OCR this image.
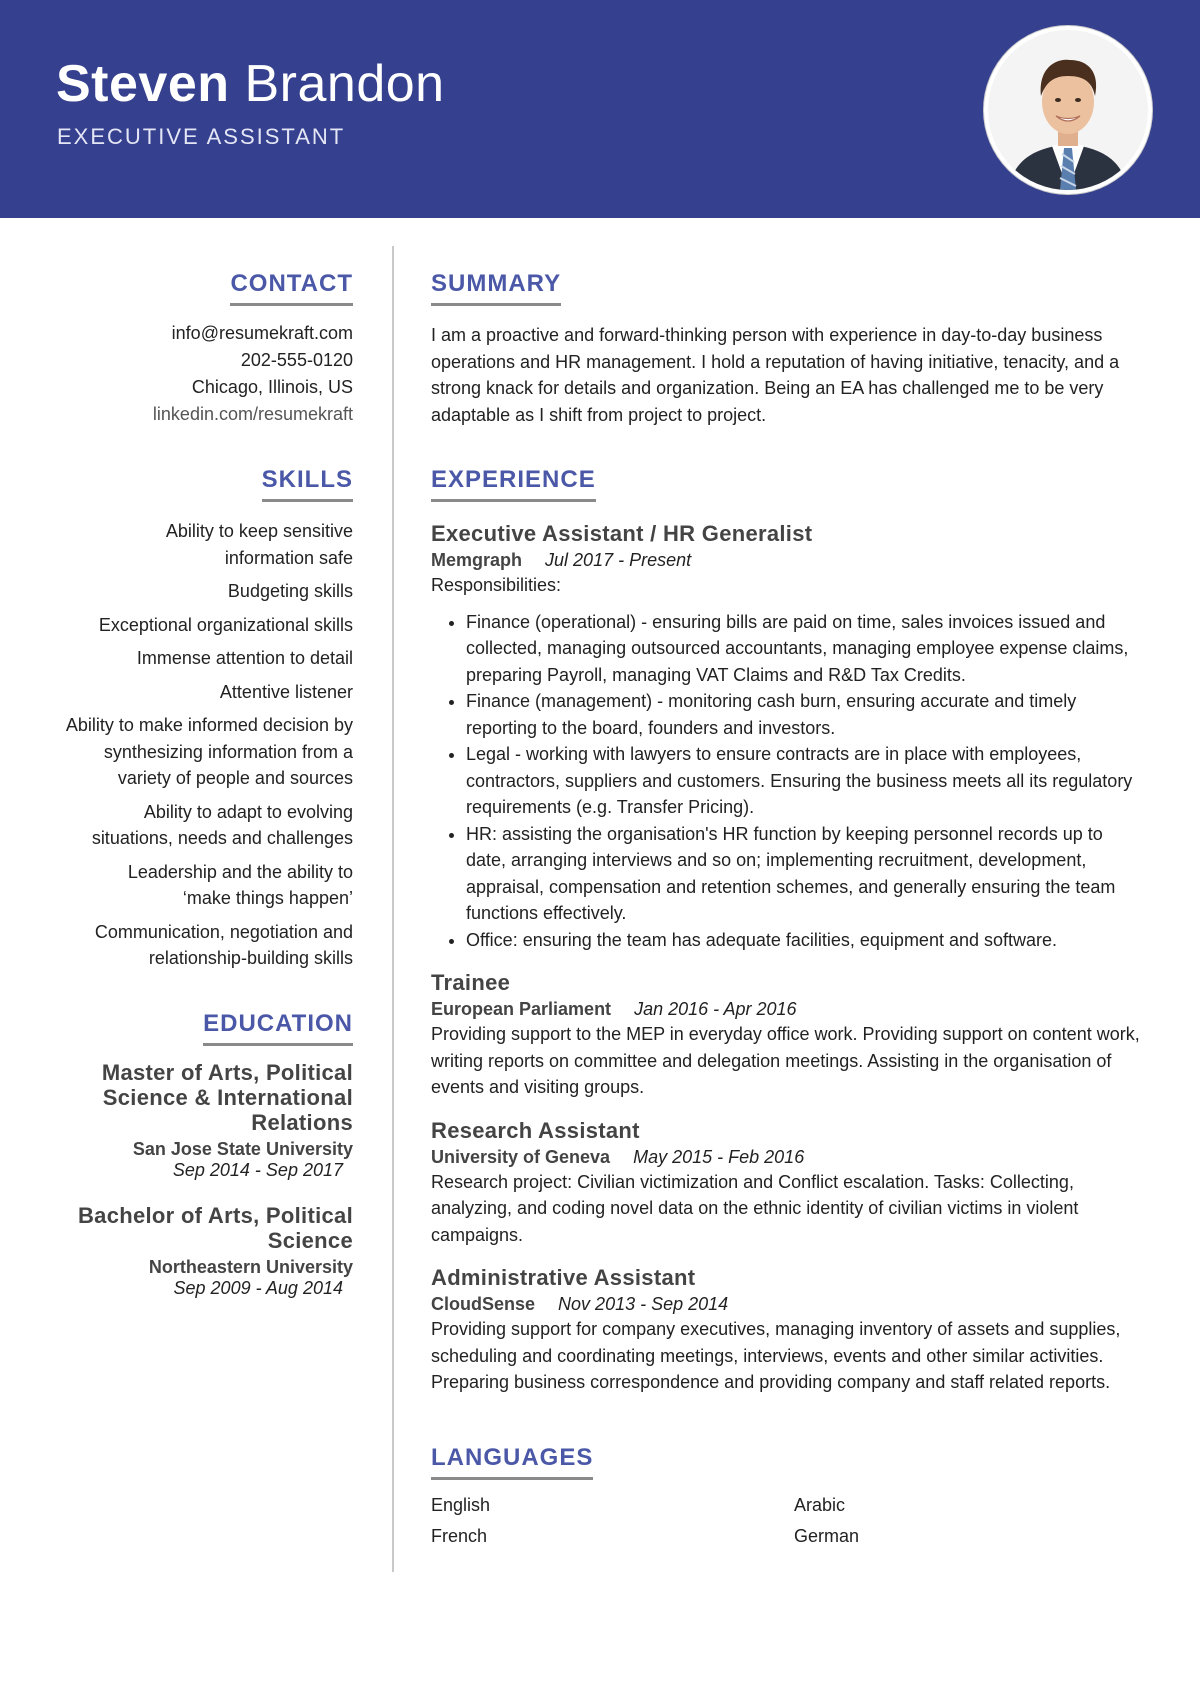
Steven Brandon
EXECUTIVE ASSISTANT
CONTACT
info@resumekraft.com
202-555-0120
Chicago, Illinois, US
linkedin.com/resumekraft
SKILLS
Ability to keep sensitive information safe
Budgeting skills
Exceptional organizational skills
Immense attention to detail
Attentive listener
Ability to make informed decision by synthesizing information from a variety of people and sources
Ability to adapt to evolving situations, needs and challenges
Leadership and the ability to ‘make things happen’
Communication, negotiation and relationship-building skills
EDUCATION
Master of Arts, Political Science & International Relations
San Jose State University
Sep 2014 - Sep 2017
Bachelor of Arts, Political Science
Northeastern University
Sep 2009 - Aug 2014
SUMMARY
I am a proactive and forward-thinking person with experience in day-to-day business operations and HR management. I hold a reputation of having initiative, tenacity, and a strong knack for details and organization. Being an EA has challenged me to be very adaptable as I shift from project to project.
EXPERIENCE
Executive Assistant / HR Generalist
Memgraph Jul 2017 - Present
Responsibilities:
• Finance (operational) - ensuring bills are paid on time, sales invoices issued and collected, managing outsourced accountants, managing employee expense claims, preparing Payroll, managing VAT Claims and R&D Tax Credits.
• Finance (management) - monitoring cash burn, ensuring accurate and timely reporting to the board, founders and investors.
• Legal - working with lawyers to ensure contracts are in place with employees, contractors, suppliers and customers. Ensuring the business meets all its regulatory requirements (e.g. Transfer Pricing).
• HR: assisting the organisation's HR function by keeping personnel records up to date, arranging interviews and so on; implementing recruitment, development, appraisal, compensation and retention schemes, and generally ensuring the team functions effectively.
• Office: ensuring the team has adequate facilities, equipment and software.
Trainee
European Parliament Jan 2016 - Apr 2016
Providing support to the MEP in everyday office work. Providing support on content work, writing reports on committee and delegation meetings. Assisting in the organisation of events and visiting groups.
Research Assistant
University of Geneva May 2015 - Feb 2016
Research project: Civilian victimization and Conflict escalation. Tasks: Collecting, analyzing, and coding novel data on the ethnic identity of civilian victims in violent campaigns.
Administrative Assistant
CloudSense Nov 2013 - Sep 2014
Providing support for company executives, managing inventory of assets and supplies, scheduling and coordinating meetings, interviews, events and other similar activities. Preparing business correspondence and providing company and staff related reports.
LANGUAGES
English
French
Arabic
German
